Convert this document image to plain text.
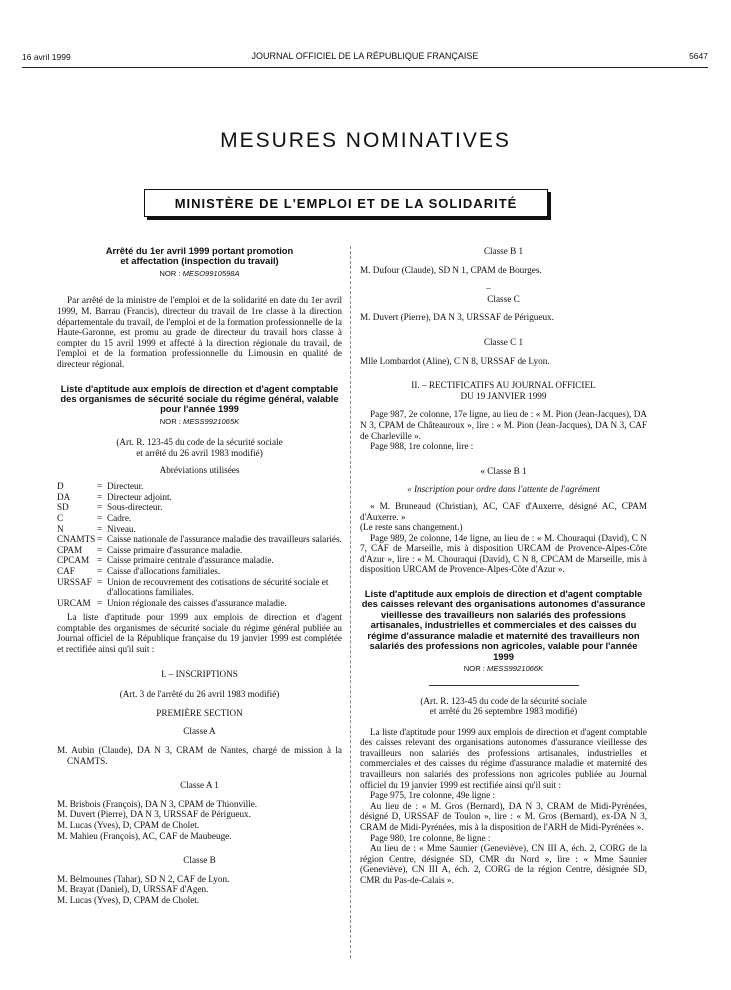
16 avril 1999	JOURNAL OFFICIEL DE LA RÉPUBLIQUE FRANÇAISE	5647
MESURES NOMINATIVES
MINISTÈRE DE L'EMPLOI ET DE LA SOLIDARITÉ
Arrêté du 1er avril 1999 portant promotion
et affectation (inspection du travail)
NOR : MESO9910598A

Par arrêté de la ministre de l'emploi et de la solidarité en date du 1er avril 1999, M. Barrau (Francis), directeur du travail de 1re classe à la direction départementale du travail, de l'emploi et de la formation professionnelle de la Haute-Garonne, est promu au grade de directeur du travail hors classe à compter du 15 avril 1999 et affecté à la direction régionale du travail, de l'emploi et de la formation professionnelle du Limousin en qualité de directeur régional.

Liste d'aptitude aux emplois de direction et d'agent comptable des organismes de sécurité sociale du régime général, valable pour l'année 1999
NOR : MESS9921065K
(Art. R. 123-45 du code de la sécurité sociale
et arrêté du 26 avril 1983 modifié)
Abréviations utilisées
D	= Directeur.
DA	= Directeur adjoint.
SD	= Sous-directeur.
C	= Cadre.
N	= Niveau.
CNAMTS = Caisse nationale de l'assurance maladie des travailleurs salariés.
CPAM	= Caisse primaire d'assurance maladie.
CPCAM = Caisse primaire centrale d'assurance maladie.
CAF	= Caisse d'allocations familiales.
URSSAF = Union de recouvrement des cotisations de sécurité sociale et d'allocations familiales.
URCAM = Union régionale des caisses d'assurance maladie.

La liste d'aptitude pour 1999 aux emplois de direction et d'agent comptable des organismes de sécurité sociale du régime général publiée au Journal officiel de la République française du 19 janvier 1999 est complétée et rectifiée ainsi qu'il suit :

I. – INSCRIPTIONS
(Art. 3 de l'arrêté du 26 avril 1983 modifié)
PREMIÈRE SECTION
Classe A

M. Aubin (Claude), DA N 3, CRAM de Nantes, chargé de mission à la CNAMTS.

Classe A 1

M. Brisbois (François), DA N 3, CPAM de Thionville.

M. Duvert (Pierre), DA N 3, URSSAF de Périgueux.

M. Lucas (Yves), D, CPAM de Cholet.

M. Mahieu (François), AC, CAF de Maubeuge.

Classe B

M. Belmounes (Tahar), SD N 2, CAF de Lyon.

M. Brayat (Daniel), D, URSSAF d'Agen.

M. Lucas (Yves), D, CPAM de Cholet.

Classe B 1

M. Dufour (Claude), SD N 1, CPAM de Bourges.

–
Classe C

M. Duvert (Pierre), DA N 3, URSSAF de Périgueux.

Classe C 1

Mlle Lombardot (Aline), C N 8, URSSAF de Lyon.

II. – RECTIFICATIFS AU JOURNAL OFFICIEL
DU 19 JANVIER 1999

Page 987, 2e colonne, 17e ligne, au lieu de : « M. Pion (Jean-Jacques), DA N 3, CPAM de Châteauroux », lire : « M. Pion (Jean-Jacques), DA N 3, CAF de Charleville ».

Page 988, 1re colonne, lire :

« Classe B 1
« Inscription pour ordre dans l'attente de l'agrément

« M. Bruneaud (Christian), AC, CAF d'Auxerre, désigné AC, CPAM d'Auxerre. »

(Le reste sans changement.)

Page 989, 2e colonne, 14e ligne, au lieu de : « M. Chouraqui (David), C N 7, CAF de Marseille, mis à disposition URCAM de Provence-Alpes-Côte d'Azur », lire : « M. Chouraqui (David), C N 8, CPCAM de Marseille, mis à disposition URCAM de Provence-Alpes-Côte d'Azur ».

Liste d'aptitude aux emplois de direction et d'agent comptable des caisses relevant des organisations autonomes d'assurance vieillesse des travailleurs non salariés des professions artisanales, industrielles et commerciales et des caisses du régime d'assurance maladie et maternité des travailleurs non salariés des professions non agricoles, valable pour l'année 1999
NOR : MESS9921066K
(Art. R. 123-45 du code de la sécurité sociale
et arrêté du 26 septembre 1983 modifié)

La liste d'aptitude pour 1999 aux emplois de direction et d'agent comptable des caisses relevant des organisations autonomes d'assurance vieillesse des travailleurs non salariés des professions artisanales, industrielles et commerciales et des caisses du régime d'assurance maladie et maternité des travailleurs non salariés des professions non agricoles publiée au Journal officiel du 19 janvier 1999 est rectifiée ainsi qu'il suit :

Page 975, 1re colonne, 49e ligne :

Au lieu de : « M. Gros (Bernard), DA N 3, CRAM de Midi-Pyrénées, désigné D, URSSAF de Toulon », lire : « M. Gros (Bernard), ex-DA N 3, CRAM de Midi-Pyrénées, mis à la disposition de l'ARH de Midi-Pyrénées ».

Page 980, 1re colonne, 8e ligne :

Au lieu de : « Mme Saunier (Geneviève), CN III A, éch. 2, CORG de la région Centre, désignée SD, CMR du Nord », lire : « Mme Saunier (Geneviève), CN III A, éch. 2, CORG de la région Centre, désignée SD, CMR du Pas-de-Calais ».
